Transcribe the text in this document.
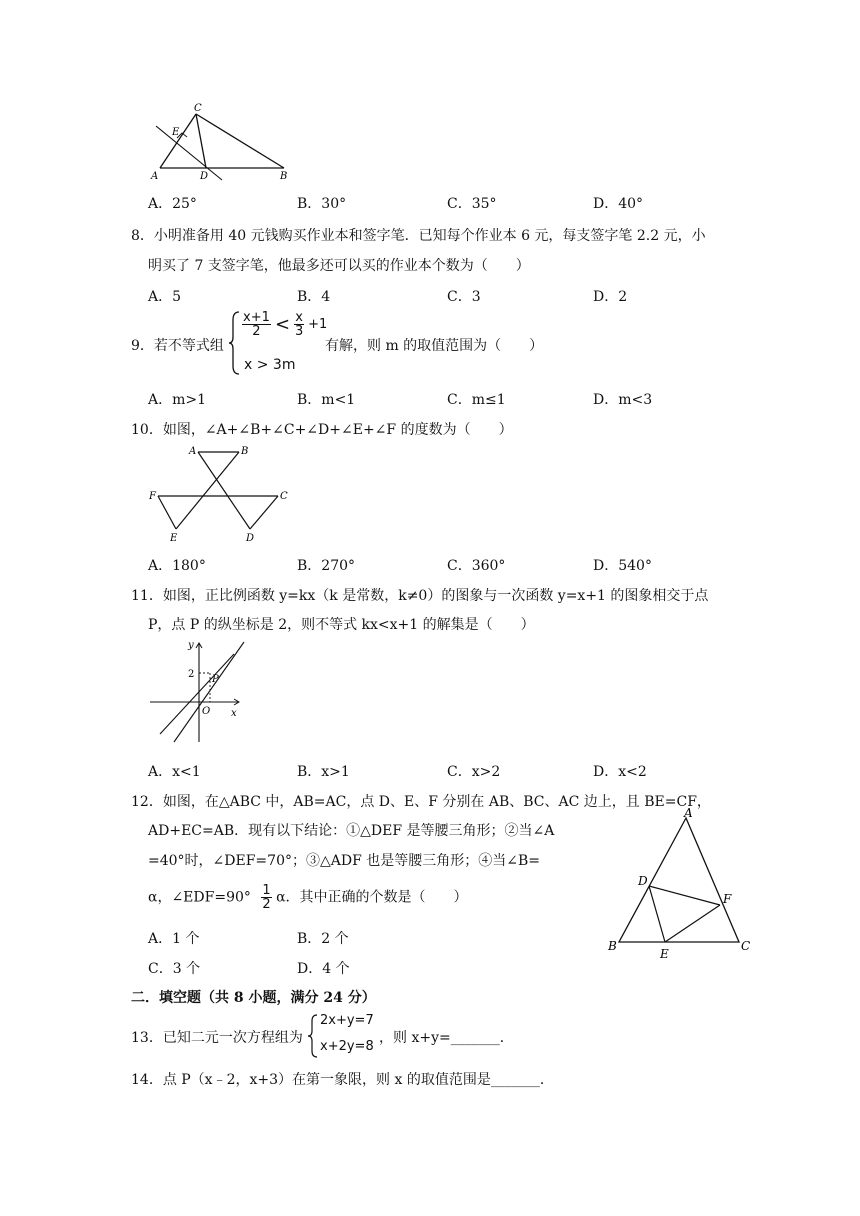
C
E
A	D	B
A．25°	B．30°	C．35°	D．40°
8．小明准备用 40 元钱购买作业本和签字笔．已知每个作业本 6 元，每支签字笔 2.2 元，小
明买了 7 支签字笔，他最多还可以买的作业本个数为（　　）
A．5	B．4	C．3	D．2
9．若不等式组
$\frac{x+1}{2} < \frac{x}{3} +1$
x > 3m
有解，则 m 的取值范围为（　　）
A．m>1	B．m<1	C．m≤1	D．m<3
10．如图，∠A+∠B+∠C+∠D+∠E+∠F 的度数为（　　）
A	B
F	C
E	D
A．180°	B．270°	C．360°	D．540°
11．如图，正比例函数 y=kx（k 是常数，k≠0）的图象与一次函数 y=x+1 的图象相交于点
P，点 P 的纵坐标是 2，则不等式 kx<x+1 的解集是（　　）
y
2 P
O x
A．x<1	B．x>1	C．x>2	D．x<2
12．如图，在△ABC 中，AB=AC，点 D、E、F 分别在 AB、BC、AC 边上，且 BE=CF，
AD+EC=AB．现有以下结论：①△DEF 是等腰三角形；②当∠A
=40°时，∠DEF=70°；③△ADF 也是等腰三角形；④当∠B=
α，∠EDF=90° $\frac{1}{2}$ α．其中正确的个数是（　　）
A
D
F
B
E
C
A．1 个	B．2 个
C．3 个	D．4 个
二．填空题（共 8 小题，满分 24 分）
13．已知二元一次方程组为
2x+y=7
x+2y=8
，则 x+y=_______．
14．点 P（x﹣2，x+3）在第一象限，则 x 的取值范围是_______．
